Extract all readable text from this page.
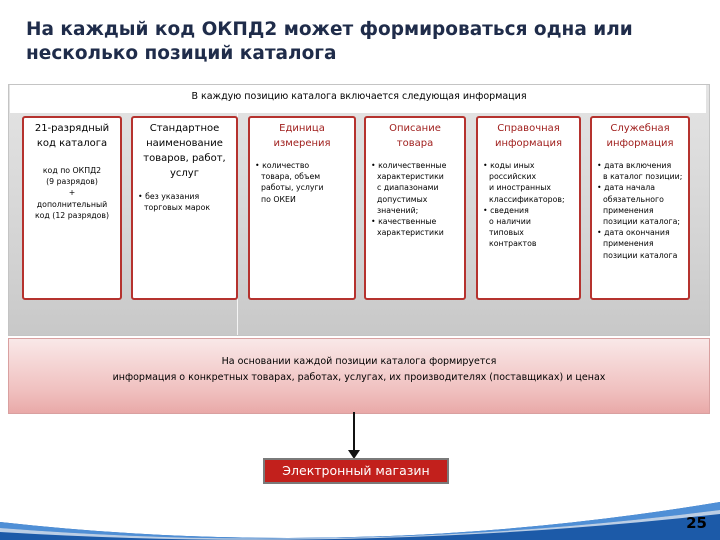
На каждый код ОКПД2 может формироваться одна или
несколько позиций каталога
В каждую позицию каталога включается следующая информация
21-разрядный
код каталога
код по ОКПД2
(9 разрядов)
+
дополнительный
код (12 разрядов)
Стандартное
наименование
товаров, работ,
услуг
• без указания
торговых марок
Единица
измерения
• количество
товара, объем
работы, услуги
по ОКЕИ
Описание
товара
• количественные
характеристики
с диапазонами
допустимых
значений;
• качественные
характеристики
Справочная
информация
• коды иных
российских
и иностранных
классификаторов;
• сведения
о наличии
типовых
контрактов
Служебная
информация
• дата включения
в каталог позиции;
• дата начала
обязательного
применения
позиции каталога;
• дата окончания
применения
позиции каталога
На основании каждой позиции каталога формируется
информация о конкретных товарах, работах, услугах, их производителях (поставщиках) и ценах
Электронный магазин
25
